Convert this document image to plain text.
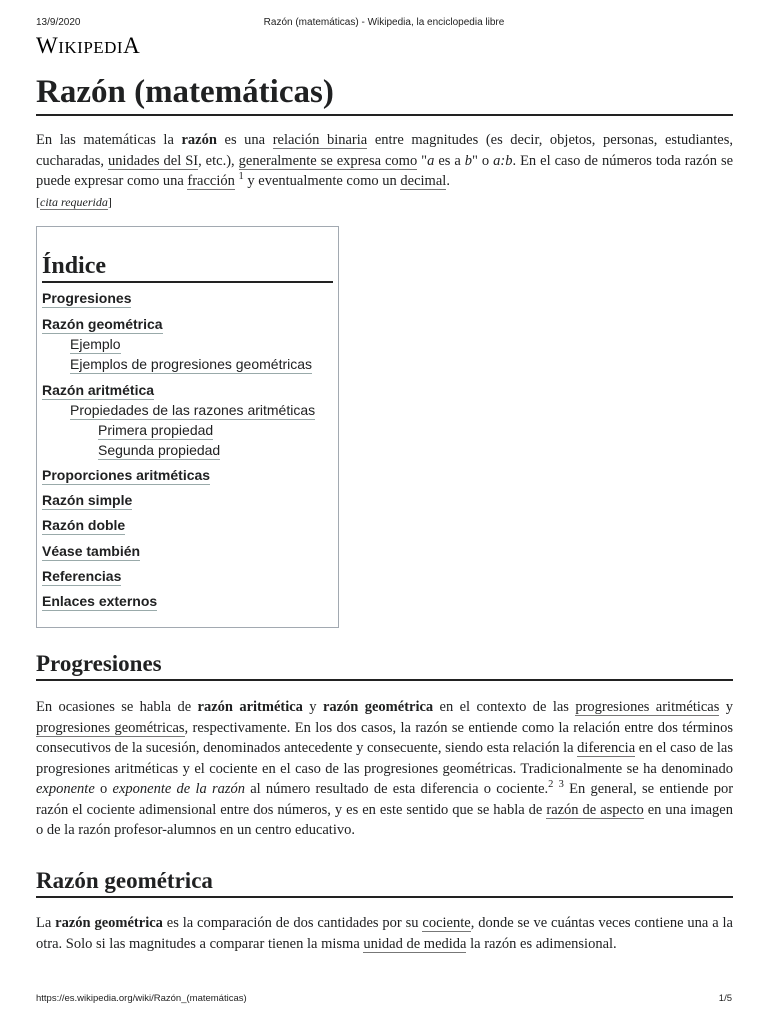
13/9/2020	Razón (matemáticas) - Wikipedia, la enciclopedia libre
WIKIPEDIA
Razón (matemáticas)

En las matemáticas la razón es una relación binaria entre magnitudes (es decir, objetos, personas, estudiantes, cucharadas, unidades del SI, etc.), generalmente se expresa como "a es a b" o a:b. En el caso de números toda razón se puede expresar como una fracción $^1$ y eventualmente como un decimal.
[cita requerida]

Índice
Progresiones
Razón geométrica
Ejemplo
Ejemplos de progresiones geométricas
Razón aritmética
Propiedades de las razones aritméticas
Primera propiedad
Segunda propiedad
Proporciones aritméticas
Razón simple
Razón doble
Véase también
Referencias
Enlaces externos
Progresiones

En ocasiones se habla de razón aritmética y razón geométrica en el contexto de las progresiones aritméticas y progresiones geométricas, respectivamente. En los dos casos, la razón se entiende como la relación entre dos términos consecutivos de la sucesión, denominados antecedente y consecuente, siendo esta relación la diferencia en el caso de las progresiones aritméticas y el cociente en el caso de las progresiones geométricas. Tradicionalmente se ha denominado exponente o exponente de la razón al número resultado de esta diferencia o cociente.$^2$ $^3$ En general, se entiende por razón el cociente adimensional entre dos números, y es en este sentido que se habla de razón de aspecto en una imagen o de la razón profesor-alumnos en un centro educativo.

Razón geométrica

La razón geométrica es la comparación de dos cantidades por su cociente, donde se ve cuántas veces contiene una a la otra. Solo si las magnitudes a comparar tienen la misma unidad de medida la razón es adimensional.

https://es.wikipedia.org/wiki/Razón_(matemáticas)	1/5
